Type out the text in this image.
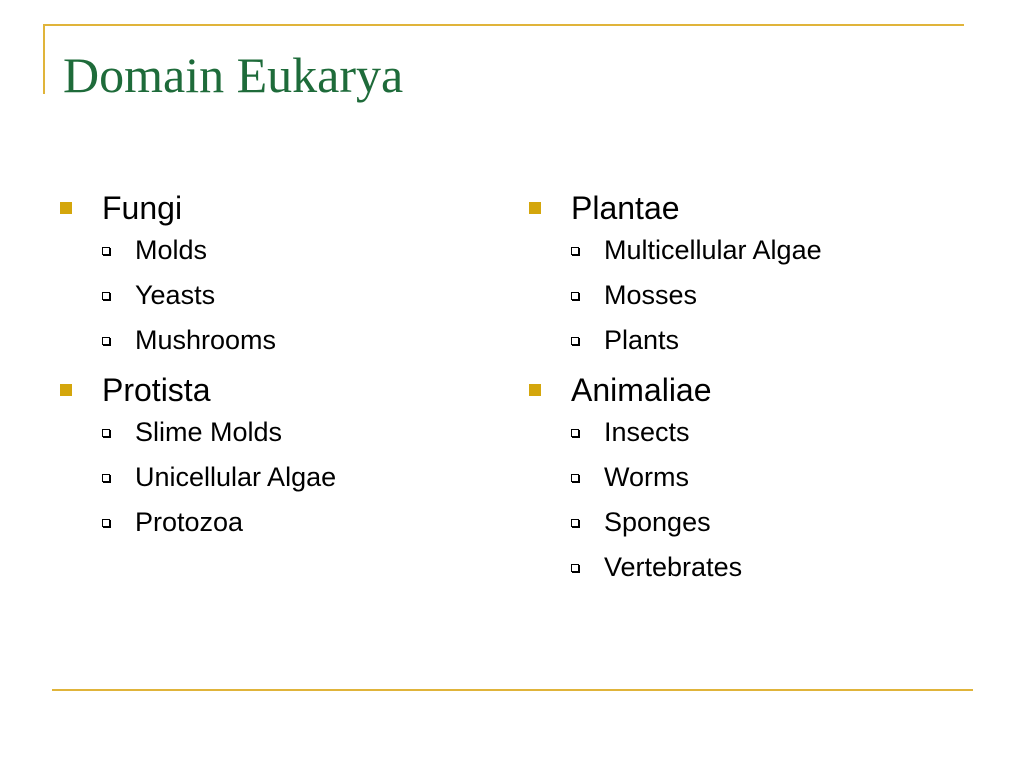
Domain Eukarya
Fungi
Molds
Yeasts
Mushrooms
Protista
Slime Molds
Unicellular Algae
Protozoa
Plantae
Multicellular Algae
Mosses
Plants
Animaliae
Insects
Worms
Sponges
Vertebrates
